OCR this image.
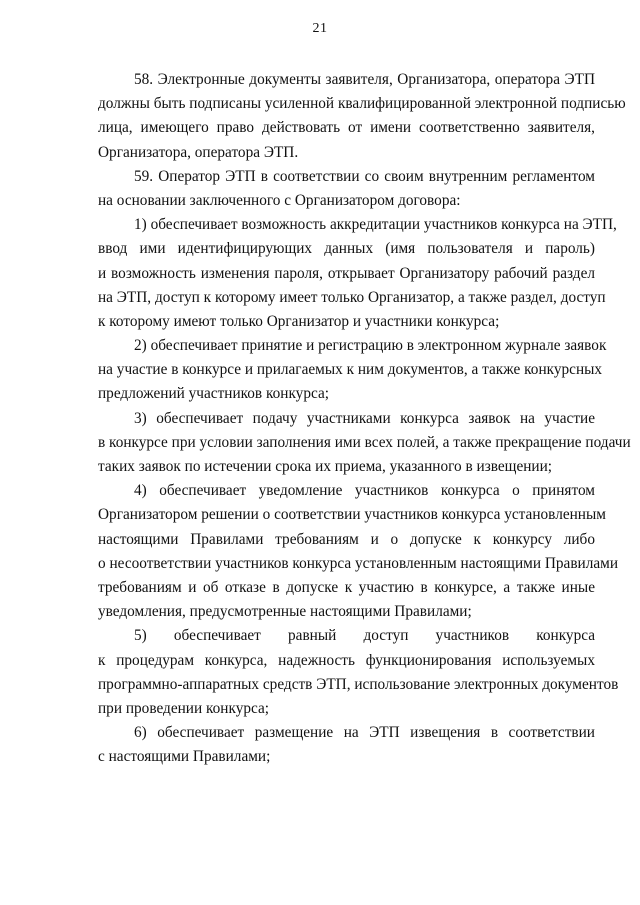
21
58. Электронные документы заявителя, Организатора, оператора ЭТП
должны быть подписаны усиленной квалифицированной электронной подписью
лица, имеющего право действовать от имени соответственно заявителя,
Организатора, оператора ЭТП.
59. Оператор ЭТП в соответствии со своим внутренним регламентом
на основании заключенного с Организатором договора:
1) обеспечивает возможность аккредитации участников конкурса на ЭТП,
ввод ими идентифицирующих данных (имя пользователя и пароль)
и возможность изменения пароля, открывает Организатору рабочий раздел
на ЭТП, доступ к которому имеет только Организатор, а также раздел, доступ
к которому имеют только Организатор и участники конкурса;
2) обеспечивает принятие и регистрацию в электронном журнале заявок
на участие в конкурсе и прилагаемых к ним документов, а также конкурсных
предложений участников конкурса;
3) обеспечивает подачу участниками конкурса заявок на участие
в конкурсе при условии заполнения ими всех полей, а также прекращение подачи
таких заявок по истечении срока их приема, указанного в извещении;
4) обеспечивает уведомление участников конкурса о принятом
Организатором решении о соответствии участников конкурса установленным
настоящими Правилами требованиям и о допуске к конкурсу либо
о несоответствии участников конкурса установленным настоящими Правилами
требованиям и об отказе в допуске к участию в конкурсе, а также иные
уведомления, предусмотренные настоящими Правилами;
5) обеспечивает равный доступ участников конкурса
к процедурам конкурса, надежность функционирования используемых
программно-аппаратных средств ЭТП, использование электронных документов
при проведении конкурса;
6) обеспечивает размещение на ЭТП извещения в соответствии
с настоящими Правилами;
